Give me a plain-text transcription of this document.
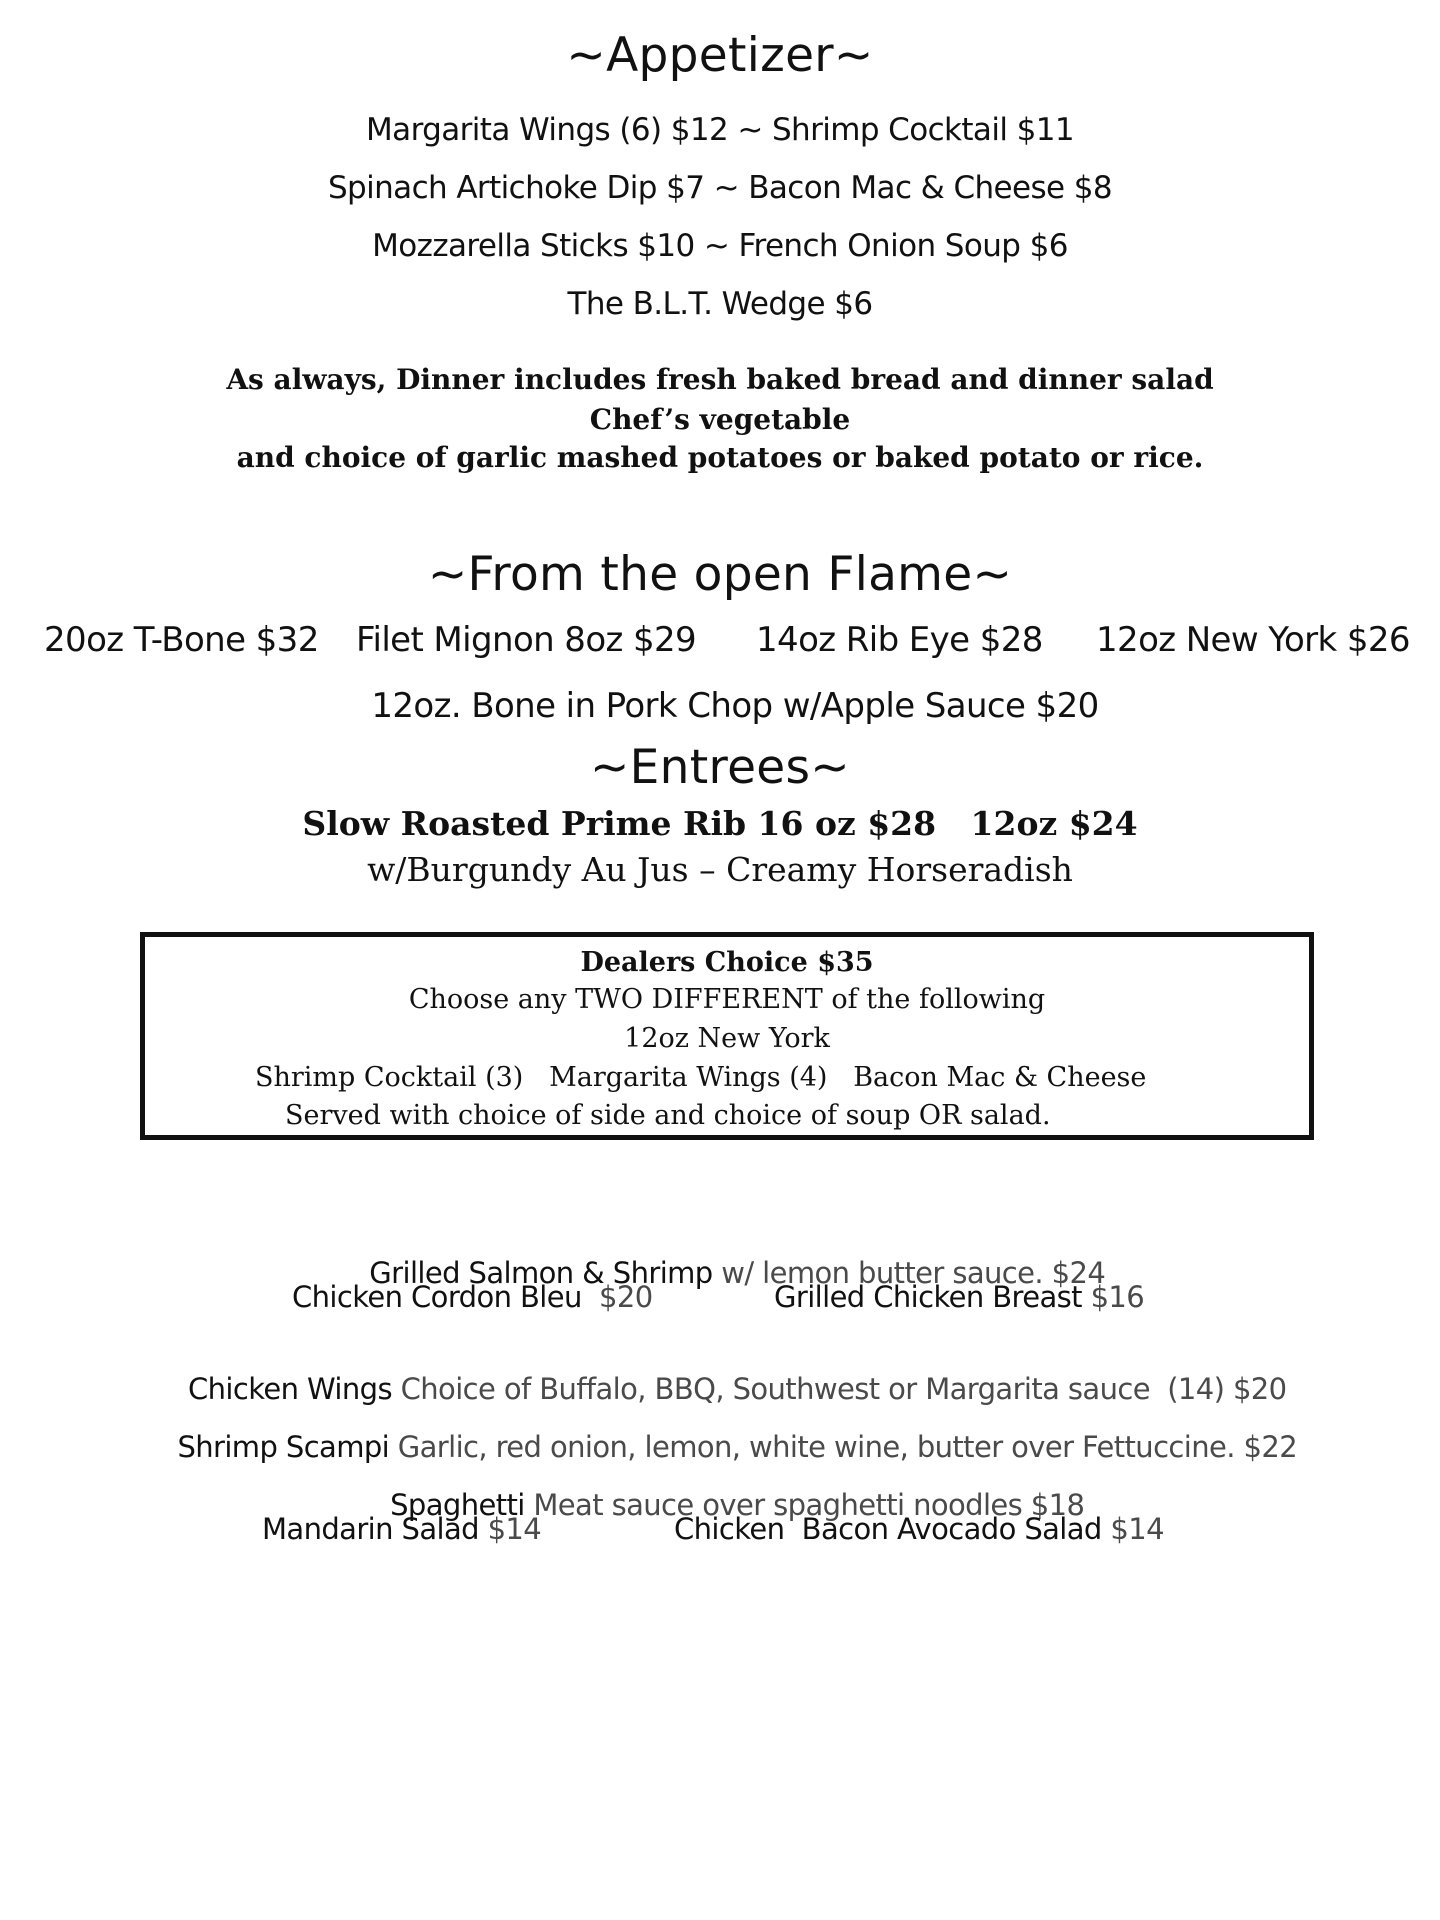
~Appetizer~
Margarita Wings (6) $12 ~ Shrimp Cocktail $11
Spinach Artichoke Dip $7 ~ Bacon Mac & Cheese $8
Mozzarella Sticks $10 ~ French Onion Soup $6
The B.L.T. Wedge $6
As always, Dinner includes fresh baked bread and dinner salad
Chef’s vegetable
and choice of garlic mashed potatoes or baked potato or rice.
~From the open Flame~
20oz T-Bone $32 Filet Mignon 8oz $29 14oz Rib Eye $28 12oz New York $26
12oz. Bone in Pork Chop w/Apple Sauce $20
~Entrees~
Slow Roasted Prime Rib 16 oz $28   12oz $24
w/Burgundy Au Jus – Creamy Horseradish
Dealers Choice $35
Choose any TWO DIFFERENT of the following
12oz New York
Shrimp Cocktail (3)   Margarita Wings (4)   Bacon Mac & Cheese
Served with choice of side and choice of soup OR salad.

Grilled Salmon & Shrimp w/ lemon butter sauce. $24

Chicken Cordon Bleu  $20	Grilled Chicken Breast $16

Chicken Wings Choice of Buffalo, BBQ, Southwest or Margarita sauce  (14) $20

Shrimp Scampi Garlic, red onion, lemon, white wine, butter over Fettuccine. $22

Spaghetti Meat sauce over spaghetti noodles $18

Mandarin Salad $14	Chicken  Bacon Avocado Salad $14
